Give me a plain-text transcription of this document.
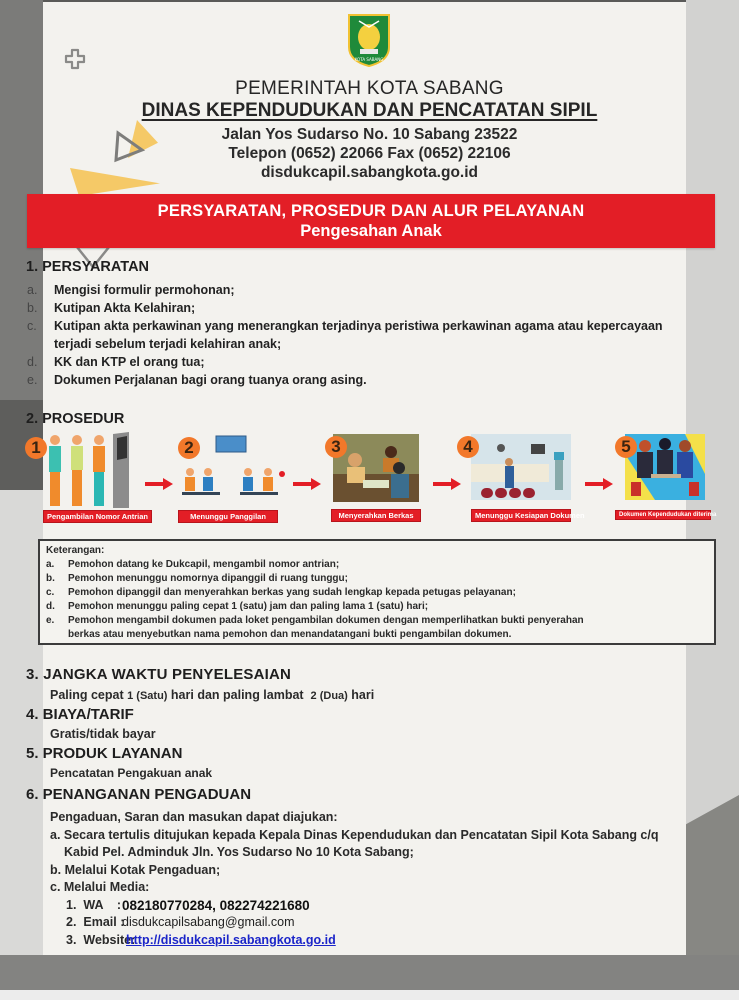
KOTA SABANG
PEMERINTAH KOTA SABANG
DINAS KEPENDUDUKAN DAN PENCATATAN SIPIL
Jalan Yos Sudarso No. 10 Sabang 23522
Telepon (0652) 22066 Fax (0652) 22106
disdukcapil.sabangkota.go.id
PERSYARATAN, PROSEDUR DAN ALUR PELAYANAN
Pengesahan Anak
1. PERSYARATAN
a.	Mengisi formulir permohonan;
b.	Kutipan Akta Kelahiran;
c.	Kutipan akta perkawinan yang menerangkan terjadinya peristiwa perkawinan agama atau kepercayaan
terjadi sebelum terjadi kelahiran anak;
d.	KK dan KTP el orang tua;
e.	Dokumen Perjalanan bagi orang tuanya orang asing.
2. PROSEDUR
1
Pengambilan Nomor Antrian
2
Menunggu Panggilan
3
Menyerahkan Berkas
4
Menunggu Kesiapan Dokumen
5
Dokumen Kependudukan diterima
Keterangan:
a.	Pemohon datang ke Dukcapil, mengambil nomor antrian;
b.	Pemohon menunggu nomornya dipanggil di ruang tunggu;
c.	Pemohon dipanggil dan menyerahkan berkas yang sudah lengkap kepada petugas pelayanan;
d.	Pemohon menunggu paling cepat 1 (satu) jam dan paling lama 1 (satu) hari;
e.	Pemohon mengambil dokumen pada loket pengambilan dokumen dengan memperlihatkan bukti penyerahan
berkas atau menyebutkan nama pemohon dan menandatangani bukti pengambilan dokumen.
3. JANGKA WAKTU PENYELESAIAN
Paling cepat 1 (Satu) hari dan paling lambat  2 (Dua) hari
4. BIAYA/TARIF
Gratis/tidak bayar
5. PRODUK LAYANAN
Pencatatan Pengakuan anak
6. PENANGANAN PENGADUAN
Pengaduan, Saran dan masukan dapat diajukan:
a. Secara tertulis ditujukan kepada Kepala Dinas Kependudukan dan Pencatatan Sipil Kota Sabang c/q
Kabid Pel. Adminduk Jln. Yos Sudarso No 10 Kota Sabang;
b. Melalui Kotak Pengaduan;
c. Melalui Media:
1.  WA    : 082180770284, 082274221680
2.  Email :
disdukcapilsabang@gmail.com
3.  Website:
http://disdukcapil.sabangkota.go.id
